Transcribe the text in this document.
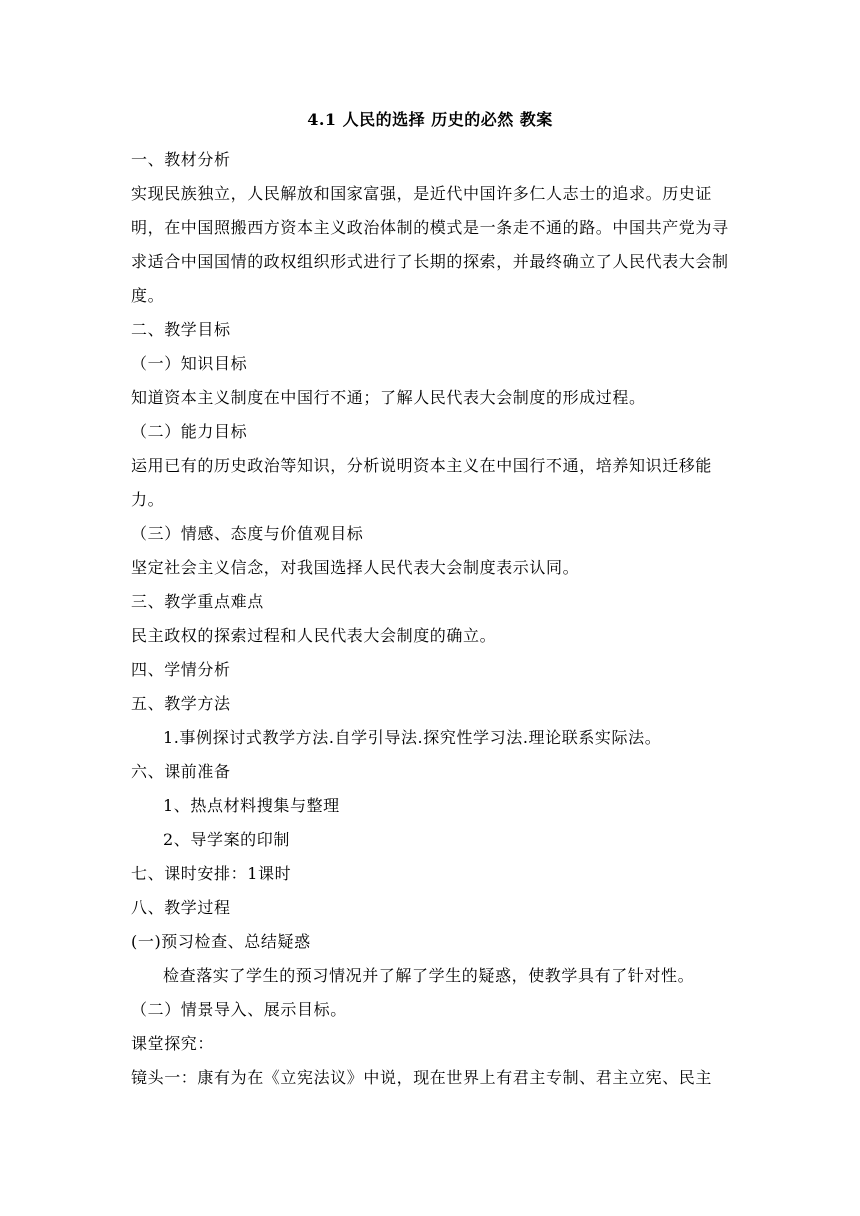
4.1 人民的选择 历史的必然 教案
一、教材分析
实现民族独立，人民解放和国家富强，是近代中国许多仁人志士的追求。历史证明，在中国照搬西方资本主义政治体制的模式是一条走不通的路。中国共产党为寻求适合中国国情的政权组织形式进行了长期的探索，并最终确立了人民代表大会制度。
二、教学目标
（一）知识目标
知道资本主义制度在中国行不通；了解人民代表大会制度的形成过程。
（二）能力目标
运用已有的历史政治等知识，分析说明资本主义在中国行不通，培养知识迁移能力。
（三）情感、态度与价值观目标
坚定社会主义信念，对我国选择人民代表大会制度表示认同。
三、教学重点难点
民主政权的探索过程和人民代表大会制度的确立。
四、学情分析
五、教学方法
1.事例探讨式教学方法.自学引导法.探究性学习法.理论联系实际法。
六、课前准备
1、热点材料搜集与整理
2、导学案的印制
七、课时安排：1课时
八、教学过程
(一)预习检查、总结疑惑
检查落实了学生的预习情况并了解了学生的疑惑，使教学具有了针对性。
（二）情景导入、展示目标。
课堂探究：
镜头一：康有为在《立宪法议》中说，现在世界上有君主专制、君主立宪、民主
